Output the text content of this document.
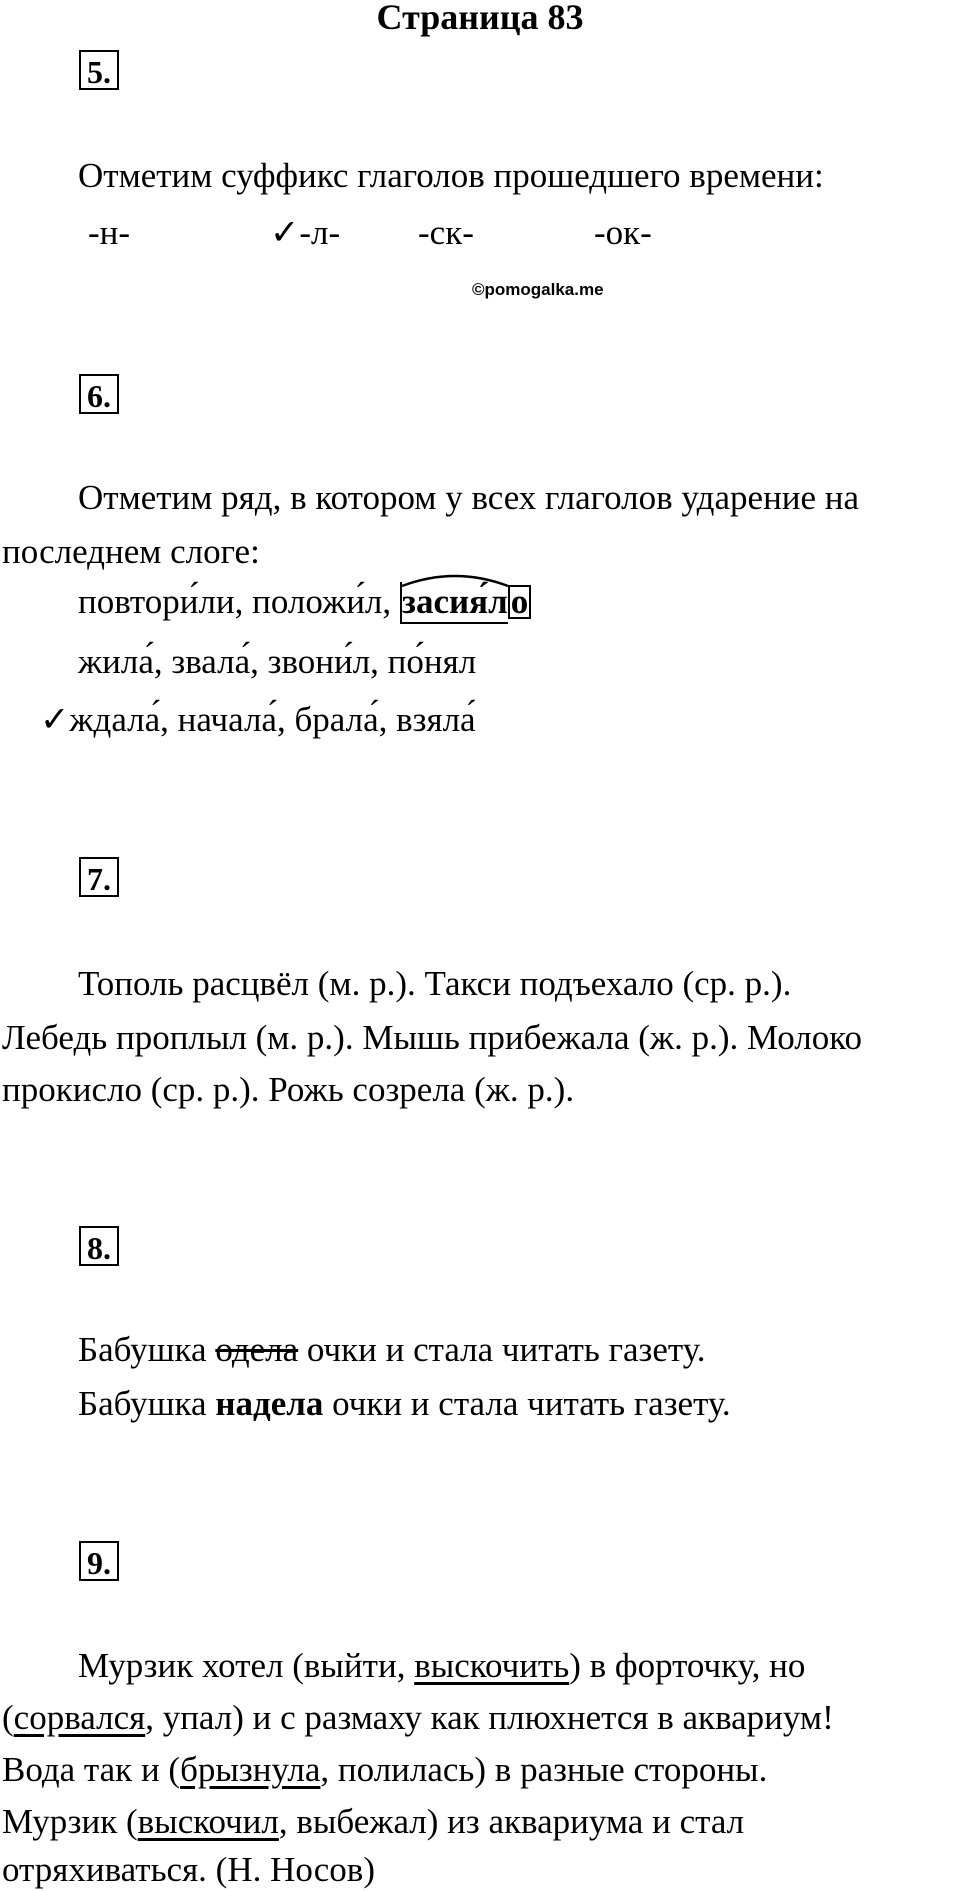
Страница 83
5.
Отметим суффикс глаголов прошедшего времени:
-н-	✓-л- -ск-	-ок-
©pomogalka.me
6.
Отметим ряд, в котором у всех глаголов ударение на
последнем слоге:
повтори́ли, положи́л,
засия́ло
жила́, звала́, звони́л, по́нял
✓ждала́, начала́, брала́, взяла́
7.
Тополь расцвёл (м. р.). Такси подъехало (ср. р.).
Лебедь проплыл (м. р.). Мышь прибежала (ж. р.). Молоко
прокисло (ср. р.). Рожь созрела (ж. р.).
8.
Бабушка одела очки и стала читать газету.
Бабушка надела очки и стала читать газету.
9.
Мурзик хотел (выйти, выскочить) в форточку, но
(сорвался, упал) и с размаху как плюхнется в аквариум!
Вода так и (брызнула, полилась) в разные стороны.
Мурзик (выскочил, выбежал) из аквариума и стал
отряхиваться. (Н. Носов)
